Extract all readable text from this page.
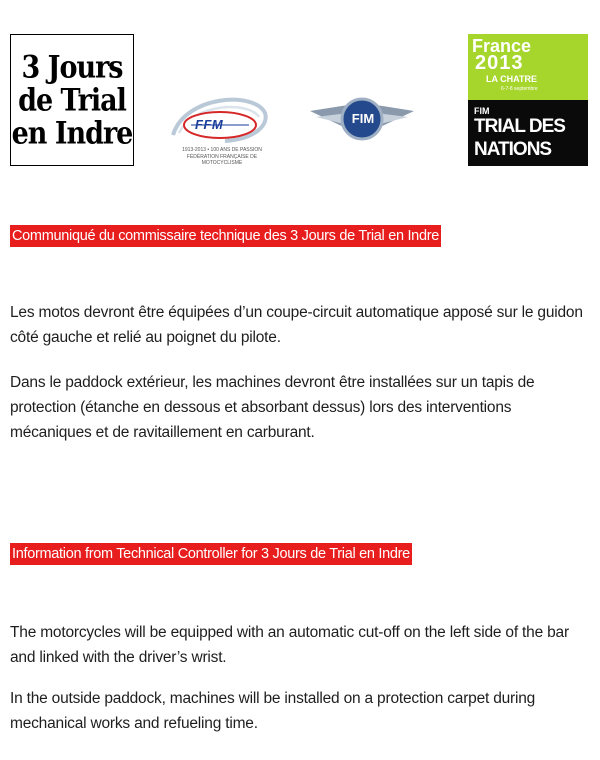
3 Jours
de Trial
en Indre	FFM
1913-2013 • 100 ANS DE PASSION
FÉDÉRATION FRANÇAISE DE MOTOCYCLISME
FIM
France
2013
LA CHATRE
6-7-8 septembre
FIM
TRIAL DES
NATIONS
Communiqué du commissaire technique des 3 Jours de Trial en Indre

Les motos devront être équipées d’un coupe-circuit automatique apposé sur le guidon côté gauche et relié au poignet du pilote.

Dans le paddock extérieur, les machines devront être installées sur un tapis de protection (étanche en dessous et absorbant dessus) lors des interventions mécaniques et de ravitaillement en carburant.

Information from Technical Controller for 3 Jours de Trial en Indre

The motorcycles will be equipped with an automatic cut-off on the left side of the bar and linked with the driver’s wrist.

In the outside paddock, machines will be installed on a protection carpet during mechanical works and refueling time.
